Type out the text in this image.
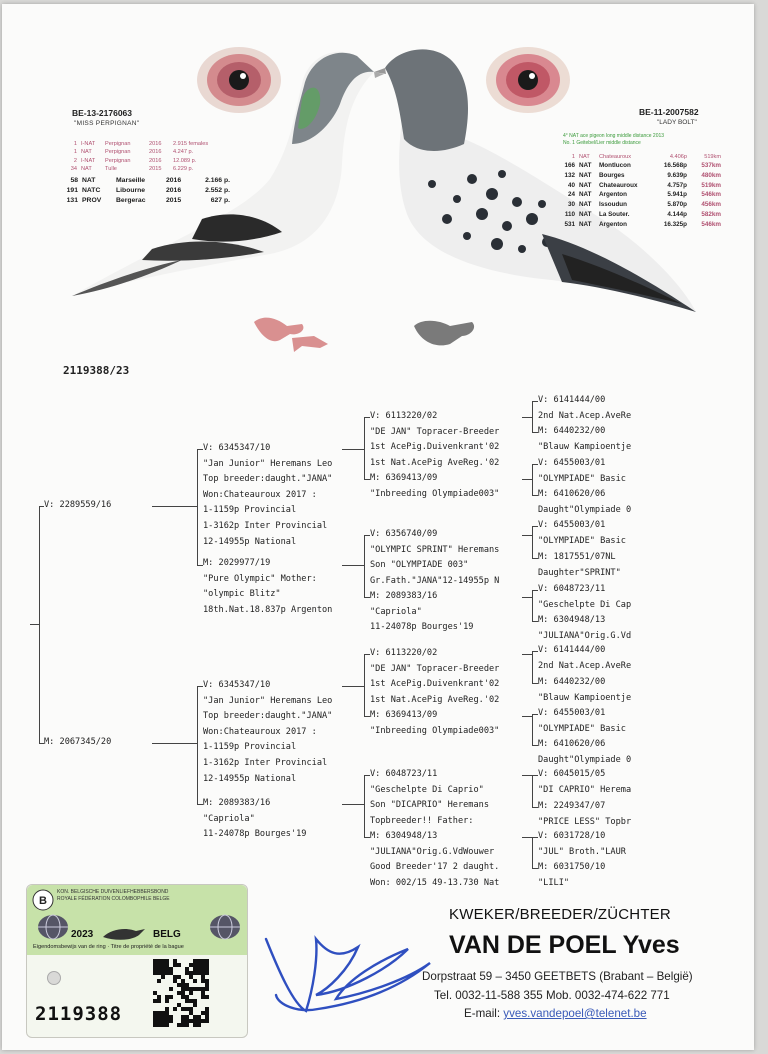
BE-13-2176063
"MISS PERPIGNAN"
1 I-NAT	Perpignan	2016	2.915 females
1 NAT	Perpignan	2016	4.247 p.
2 I-NAT	Perpignan	2016	12.089 p.
34 NAT	Tulle	2015	6.229 p.
58 NAT	Marseille	2016	2.166 p.
191 NATC	Libourne	2016	2.552 p.
131 PROV	Bergerac	2015	627 p.
BE-11-2007582
"LADY BOLT"
4° NAT ace pigeon long middle distance 2013
No. 1 Geitebel/Lier middle distance
1 NAT	Chateauroux	4.406p	519km
166 NAT	Montlucon	16.568p	537km
132 NAT	Bourges	9.639p	480km
40 NAT	Chateauroux	4.757p	519km
24 NAT	Argenton	5.941p	546km
30 NAT	Issoudun	5.870p	456km
110 NAT	La Souter.	4.144p	582km
531 NAT	Argenton	16.325p	546km
2119388/23
V: 2289559/16
M: 2067345/20
V: 6345347/10
"Jan Junior" Heremans Leo
Top breeder:daught."JANA"
Won:Chateauroux 2017 :
1-1159p Provincial
1-3162p Inter Provincial
12-14955p National
M: 2029977/19
"Pure Olympic" Mother:
"olympic Blitz"
18th.Nat.18.837p Argenton
V: 6345347/10
"Jan Junior" Heremans Leo
Top breeder:daught."JANA"
Won:Chateauroux 2017 :
1-1159p Provincial
1-3162p Inter Provincial
12-14955p National
M: 2089383/16
"Capriola"
11-24078p Bourges'19
V: 6113220/02
"DE JAN" Topracer-Breeder
1st AcePig.Duivenkrant'02
1st Nat.AcePig AveReg.'02
M: 6369413/09
"Inbreeding Olympiade003"
V: 6356740/09
"OLYMPIC SPRINT" Heremans
Son "OLYMPIADE 003"
Gr.Fath."JANA"12-14955p N
M: 2089383/16
"Capriola"
11-24078p Bourges'19
V: 6113220/02
"DE JAN" Topracer-Breeder
1st AcePig.Duivenkrant'02
1st Nat.AcePig AveReg.'02
M: 6369413/09
"Inbreeding Olympiade003"
V: 6048723/11
"Geschelpte Di Caprio"
Son "DICAPRIO" Heremans
Topbreeder!! Father:
M: 6304948/13
"JULIANA"Orig.G.VdWouwer
Good Breeder'17 2 daught.
Won: 002/15 49-13.730 Nat
V: 6141444/00
2nd Nat.Acep.AveRe
M: 6440232/00
"Blauw Kampioentje
V: 6455003/01
"OLYMPIADE" Basic
M: 6410620/06
Daught"Olympiade 0
V: 6455003/01
"OLYMPIADE" Basic
M: 1817551/07NL
Daughter"SPRINT"
V: 6048723/11
"Geschelpte Di Cap
M: 6304948/13
"JULIANA"Orig.G.Vd
V: 6141444/00
2nd Nat.Acep.AveRe
M: 6440232/00
"Blauw Kampioentje
V: 6455003/01
"OLYMPIADE" Basic
M: 6410620/06
Daught"Olympiade 0
V: 6045015/05
"DI CAPRIO" Herema
M: 2249347/07
"PRICE LESS" Topbr
V: 6031728/10
"JUL" Broth."LAUR
M: 6031750/10
"LILI"
KWEKER/BREEDER/ZÜCHTER
VAN DE POEL Yves
Dorpstraat 59 – 3450 GEETBETS (Brabant – België)
Tel. 0032-11-588 355 Mob. 0032-474-622 771
E-mail: yves.vandepoel@telenet.be
B
KON. BELGISCHE DUIVENLIEFHEBBERSBOND
ROYALE FÉDÉRATION COLOMBOPHILE BELGE
2023	BELG
Eigendomsbewijs van de ring · Titre de propriété de la bague
2119388
